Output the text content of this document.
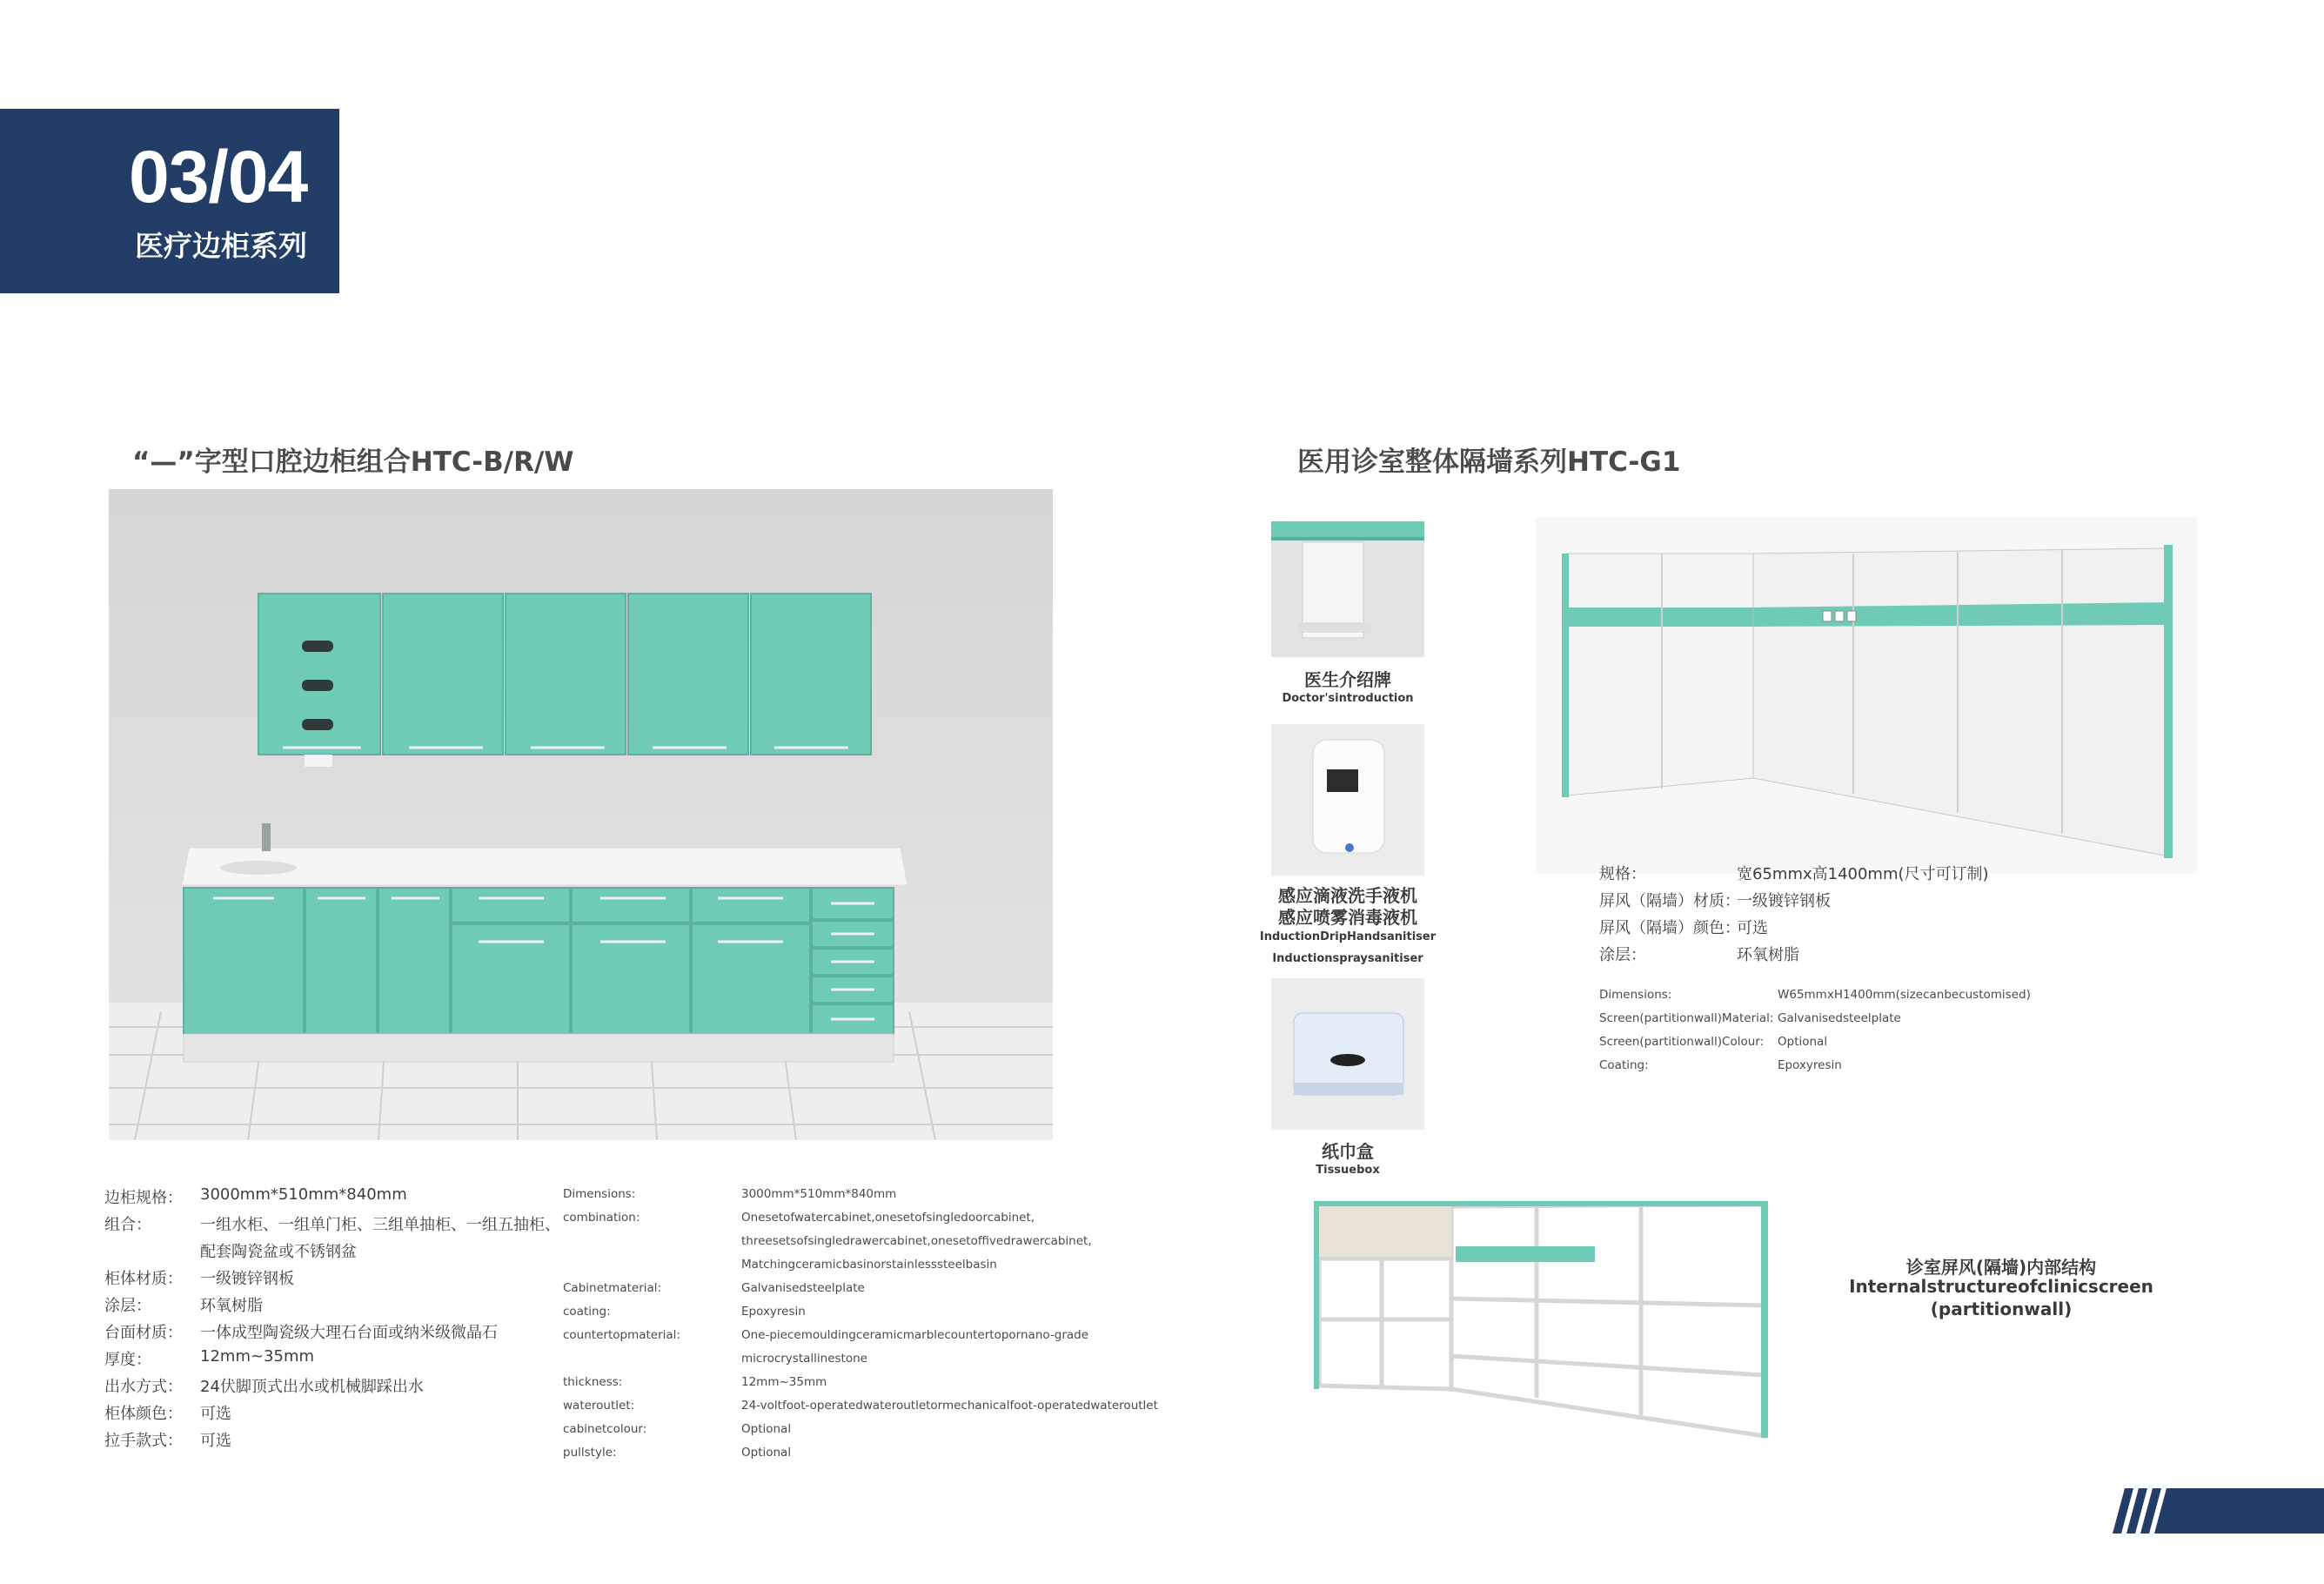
03/04
医疗边柜系列
“—”字型口腔边柜组合HTC-B/R/W
边柜规格： 3000mm*510mm*840mm
组合：	一组水柜、一组单门柜、三组单抽柜、一组五抽柜、
配套陶瓷盆或不锈钢盆
柜体材质： 一级镀锌钢板
涂层：	环氧树脂
台面材质： 一体成型陶瓷级大理石台面或纳米级微晶石
厚度：	12mm~35mm
出水方式： 24伏脚顶式出水或机械脚踩出水
柜体颜色： 可选
拉手款式： 可选
Dimensions:	3000mm*510mm*840mm
combination:	Onesetofwatercabinet,onesetofsingledoorcabinet,
threesetsofsingledrawercabinet,onesetoffivedrawercabinet,
Matchingceramicbasinorstainlesssteelbasin
Cabinetmaterial:	Galvanisedsteelplate
coating:	Epoxyresin
countertopmaterial:	One-piecemouldingceramicmarblecountertopornano-grade
microcrystallinestone
thickness:	12mm~35mm
wateroutlet:	24-voltfoot-operatedwateroutletormechanicalfoot-operatedwateroutlet
cabinetcolour:	Optional
pullstyle:	Optional
医用诊室整体隔墙系列HTC-G1
医生介绍牌
Doctor'sintroduction
感应滴液洗手液机
感应喷雾消毒液机
InductionDripHandsanitiser
Inductionspraysanitiser
纸巾盒
Tissuebox
规格：	宽65mmx高1400mm(尺寸可订制)
屏风（隔墙）材质：
一级镀锌钢板
屏风（隔墙）颜色：
可选
涂层：	环氧树脂
Dimensions:	W65mmxH1400mm(sizecanbecustomised)
Screen(partitionwall)Material: Galvanisedsteelplate
Screen(partitionwall)Colour: Optional
Coating:	Epoxyresin
诊室屏风(隔墙)内部结构
Internalstructureofclinicscreen
(partitionwall)
